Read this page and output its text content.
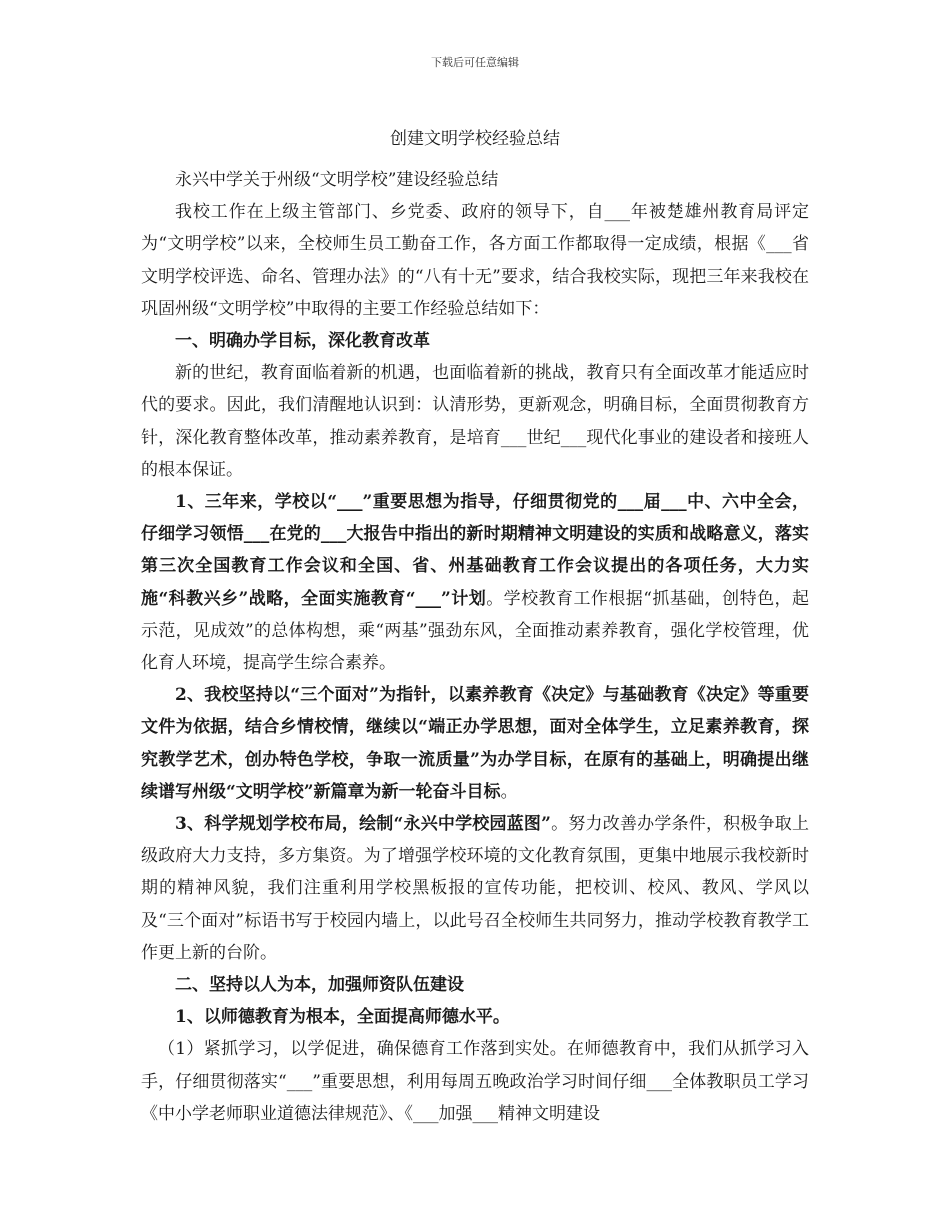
下载后可任意编辑
创建文明学校经验总结

永兴中学关于州级“文明学校”建设经验总结

我校工作在上级主管部门、乡党委、政府的领导下，自___年被楚雄州教育局评定为“文明学校”以来，全校师生员工勤奋工作，各方面工作都取得一定成绩，根据《___省文明学校评选、命名、管理办法》的“八有十无”要求，结合我校实际，现把三年来我校在巩固州级“文明学校”中取得的主要工作经验总结如下：

一、明确办学目标，深化教育改革

新的世纪，教育面临着新的机遇，也面临着新的挑战，教育只有全面改革才能适应时代的要求。因此，我们清醒地认识到：认清形势，更新观念，明确目标，全面贯彻教育方针，深化教育整体改革，推动素养教育，是培育___世纪___现代化事业的建设者和接班人的根本保证。

1、三年来，学校以“___”重要思想为指导，仔细贯彻党的___届___中、六中全会，仔细学习领悟___在党的___大报告中指出的新时期精神文明建设的实质和战略意义，落实第三次全国教育工作会议和全国、省、州基础教育工作会议提出的各项任务，大力实施“科教兴乡”战略，全面实施教育“___”计划。学校教育工作根据“抓基础，创特色，起示范，见成效”的总体构想，乘“两基”强劲东风，全面推动素养教育，强化学校管理，优化育人环境，提高学生综合素养。

2、我校坚持以“三个面对”为指针，以素养教育《决定》与基础教育《决定》等重要文件为依据，结合乡情校情，继续以“端正办学思想，面对全体学生，立足素养教育，探究教学艺术，创办特色学校，争取一流质量”为办学目标，在原有的基础上，明确提出继续谱写州级“文明学校”新篇章为新一轮奋斗目标。

3、科学规划学校布局，绘制“永兴中学校园蓝图”。努力改善办学条件，积极争取上级政府大力支持，多方集资。为了增强学校环境的文化教育氛围，更集中地展示我校新时期的精神风貌，我们注重利用学校黑板报的宣传功能，把校训、校风、教风、学风以及“三个面对”标语书写于校园内墙上，以此号召全校师生共同努力，推动学校教育教学工作更上新的台阶。

二、坚持以人为本，加强师资队伍建设

1、以师德教育为根本，全面提高师德水平。

（1）紧抓学习，以学促进，确保德育工作落到实处。在师德教育中，我们从抓学习入手，仔细贯彻落实“___”重要思想，利用每周五晚政治学习时间仔细___全体教职员工学习《中小学老师职业道德法律规范》、《___加强___精神文明建设
